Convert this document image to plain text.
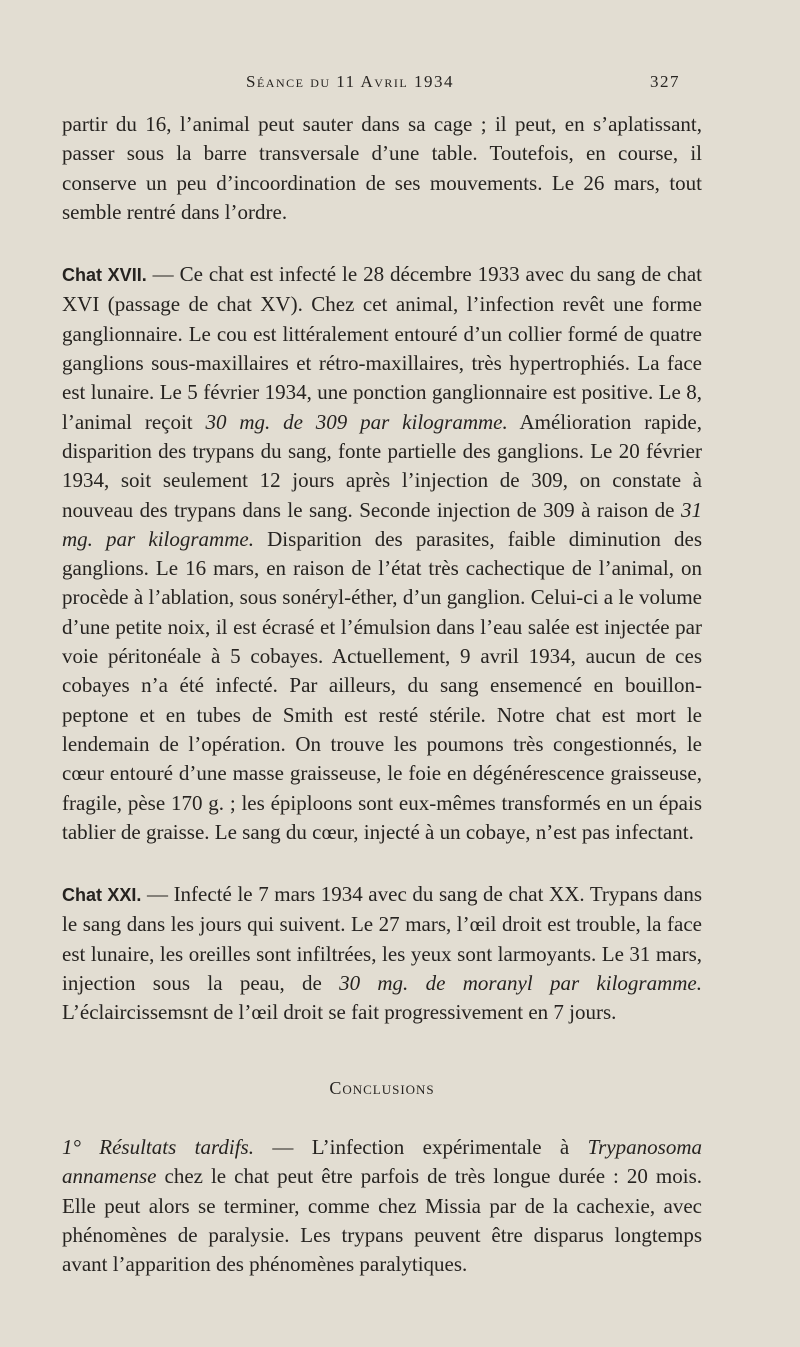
Séance du 11 Avril 1934	327

partir du 16, l’animal peut sauter dans sa cage ; il peut, en s’aplatissant, passer sous la barre transversale d’une table. Toutefois, en course, il conserve un peu d’incoordination de ses mouvements. Le 26 mars, tout semble rentré dans l’ordre.

Chat XVII. — Ce chat est infecté le 28 décembre 1933 avec du sang de chat XVI (passage de chat XV). Chez cet animal, l’infection revêt une forme ganglionnaire. Le cou est littéralement entouré d’un collier formé de quatre ganglions sous-maxillaires et rétro-maxillaires, très hypertrophiés. La face est lunaire. Le 5 février 1934, une ponction ganglionnaire est positive. Le 8, l’animal reçoit 30 mg. de 309 par kilogramme. Amélioration rapide, disparition des trypans du sang, fonte partielle des ganglions. Le 20 février 1934, soit seulement 12 jours après l’injection de 309, on constate à nouveau des trypans dans le sang. Seconde injection de 309 à raison de 31 mg. par kilogramme. Disparition des parasites, faible diminution des ganglions. Le 16 mars, en raison de l’état très cachectique de l’animal, on procède à l’ablation, sous sonéryl-éther, d’un ganglion. Celui-ci a le volume d’une petite noix, il est écrasé et l’émulsion dans l’eau salée est injectée par voie péritonéale à 5 cobayes. Actuellement, 9 avril 1934, aucun de ces cobayes n’a été infecté. Par ailleurs, du sang ensemencé en bouillon-peptone et en tubes de Smith est resté stérile. Notre chat est mort le lendemain de l’opération. On trouve les poumons très congestionnés, le cœur entouré d’une masse graisseuse, le foie en dégénérescence graisseuse, fragile, pèse 170 g. ; les épiploons sont eux-mêmes transformés en un épais tablier de graisse. Le sang du cœur, injecté à un cobaye, n’est pas infectant.

Chat XXI. — Infecté le 7 mars 1934 avec du sang de chat XX. Trypans dans le sang dans les jours qui suivent. Le 27 mars, l’œil droit est trouble, la face est lunaire, les oreilles sont infiltrées, les yeux sont larmoyants. Le 31 mars, injection sous la peau, de 30 mg. de moranyl par kilogramme. L’éclaircissemsnt de l’œil droit se fait progressivement en 7 jours.

Conclusions

1° Résultats tardifs. — L’infection expérimentale à Trypanosoma annamense chez le chat peut être parfois de très longue durée : 20 mois. Elle peut alors se terminer, comme chez Missia par de la cachexie, avec phénomènes de paralysie. Les trypans peuvent être disparus longtemps avant l’apparition des phénomènes paralytiques.
